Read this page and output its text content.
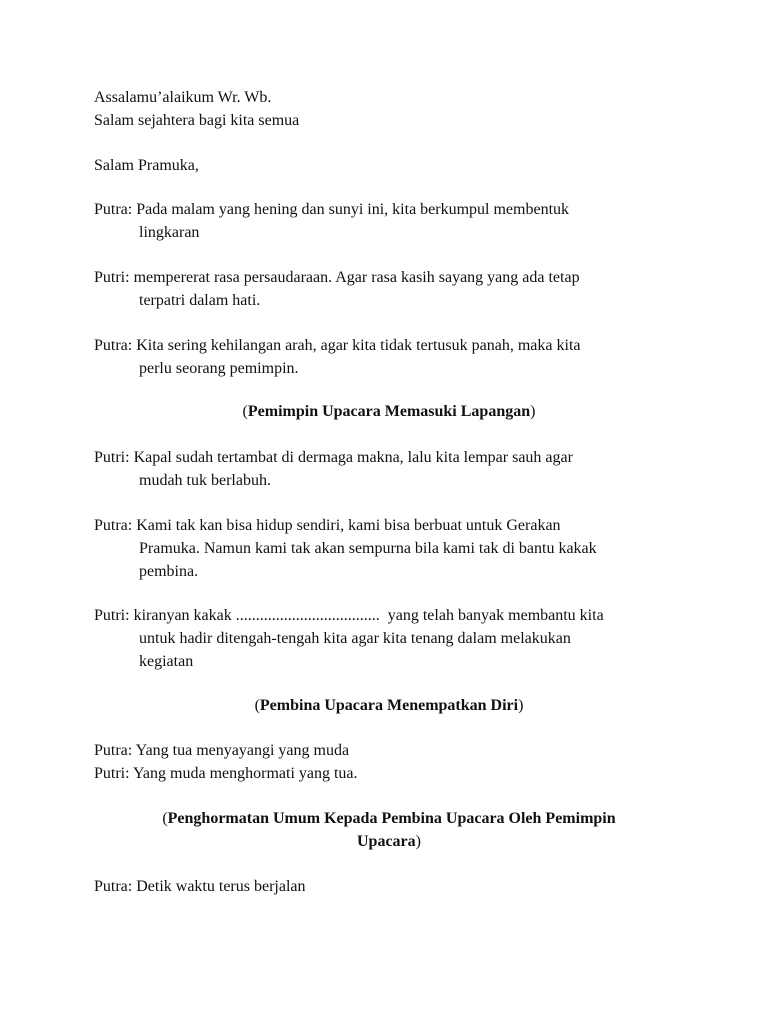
Assalamu’alaikum Wr. Wb.
Salam sejahtera bagi kita semua
Salam Pramuka,
Putra: Pada malam yang hening dan sunyi ini, kita berkumpul membentuk
lingkaran
Putri: mempererat rasa persaudaraan. Agar rasa kasih sayang yang ada tetap
terpatri dalam hati.
Putra: Kita sering kehilangan arah, agar kita tidak tertusuk panah, maka kita
perlu seorang pemimpin.
(Pemimpin Upacara Memasuki Lapangan)
Putri: Kapal sudah tertambat di dermaga makna, lalu kita lempar sauh agar
mudah tuk berlabuh.
Putra: Kami tak kan bisa hidup sendiri, kami bisa berbuat untuk Gerakan
Pramuka. Namun kami tak akan sempurna bila kami tak di bantu kakak
pembina.
Putri: kiranyan kakak ....................................  yang telah banyak membantu kita
untuk hadir ditengah-tengah kita agar kita tenang dalam melakukan
kegiatan
(Pembina Upacara Menempatkan Diri)
Putra: Yang tua menyayangi yang muda
Putri: Yang muda menghormati yang tua.
(Penghormatan Umum Kepada Pembina Upacara Oleh Pemimpin
Upacara)
Putra: Detik waktu terus berjalan
